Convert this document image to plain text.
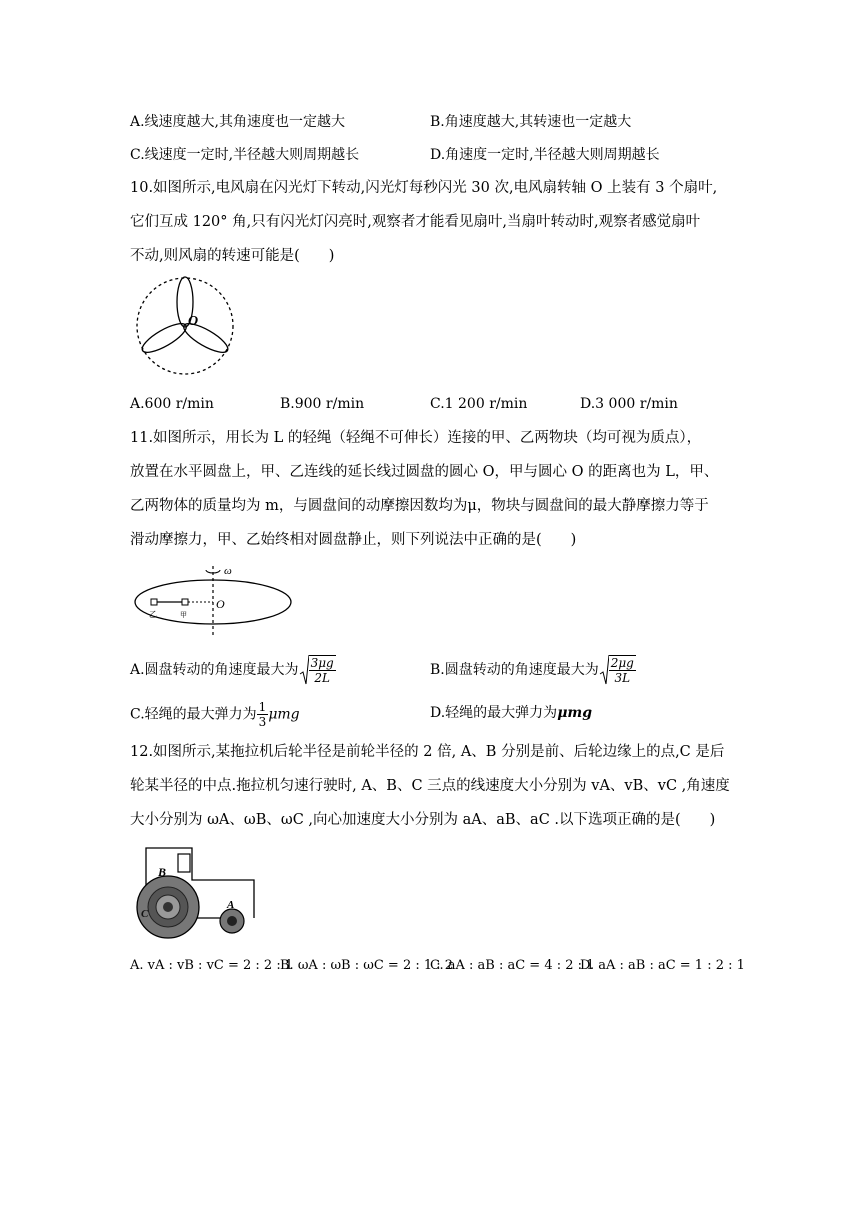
A.线速度越大,其角速度也一定越大	B.角速度越大,其转速也一定越大
C.线速度一定时,半径越大则周期越长	D.角速度一定时,半径越大则周期越长
10.如图所示,电风扇在闪光灯下转动,闪光灯每秒闪光 30 次,电风扇转轴 O 上装有 3 个扇叶,
它们互成 120° 角,只有闪光灯闪亮时,观察者才能看见扇叶,当扇叶转动时,观察者感觉扇叶
不动,则风扇的转速可能是(　　)
O
A.600 r/min	B.900 r/min	C.1 200 r/min	D.3 000 r/min
11.如图所示，用长为 L 的轻绳（轻绳不可伸长）连接的甲、乙两物块（均可视为质点），
放置在水平圆盘上，甲、乙连线的延长线过圆盘的圆心 O，甲与圆心 O 的距离也为 L，甲、
乙两物体的质量均为 m，与圆盘间的动摩擦因数均为μ，物块与圆盘间的最大静摩擦力等于
滑动摩擦力，甲、乙始终相对圆盘静止，则下列说法中正确的是(　　)
ω
O
乙	甲
A.圆盘转动的角速度最大为 $\frac{3\mu g}{2L}$	B.圆盘转动的角速度最大为 $\frac{2\mu g}{3L}$
C.轻绳的最大弹力为 $\frac{1}{3}$ μmg	D.轻绳的最大弹力为μmg
12.如图所示,某拖拉机后轮半径是前轮半径的 2 倍, A、B 分别是前、后轮边缘上的点,C 是后
轮某半径的中点.拖拉机匀速行驶时, A、B、C 三点的线速度大小分别为 vA、vB、vC ,角速度
大小分别为 ωA、ωB、ωC ,向心加速度大小分别为 aA、aB、aC .以下选项正确的是(　　)
B
A
C
A. vA : vB : vC = 2 : 2 : 1
B. ωA : ωB : ωC = 2 : 1 : 2
C. aA : aB : aC = 4 : 2 : 1
D. aA : aB : aC = 1 : 2 : 1
